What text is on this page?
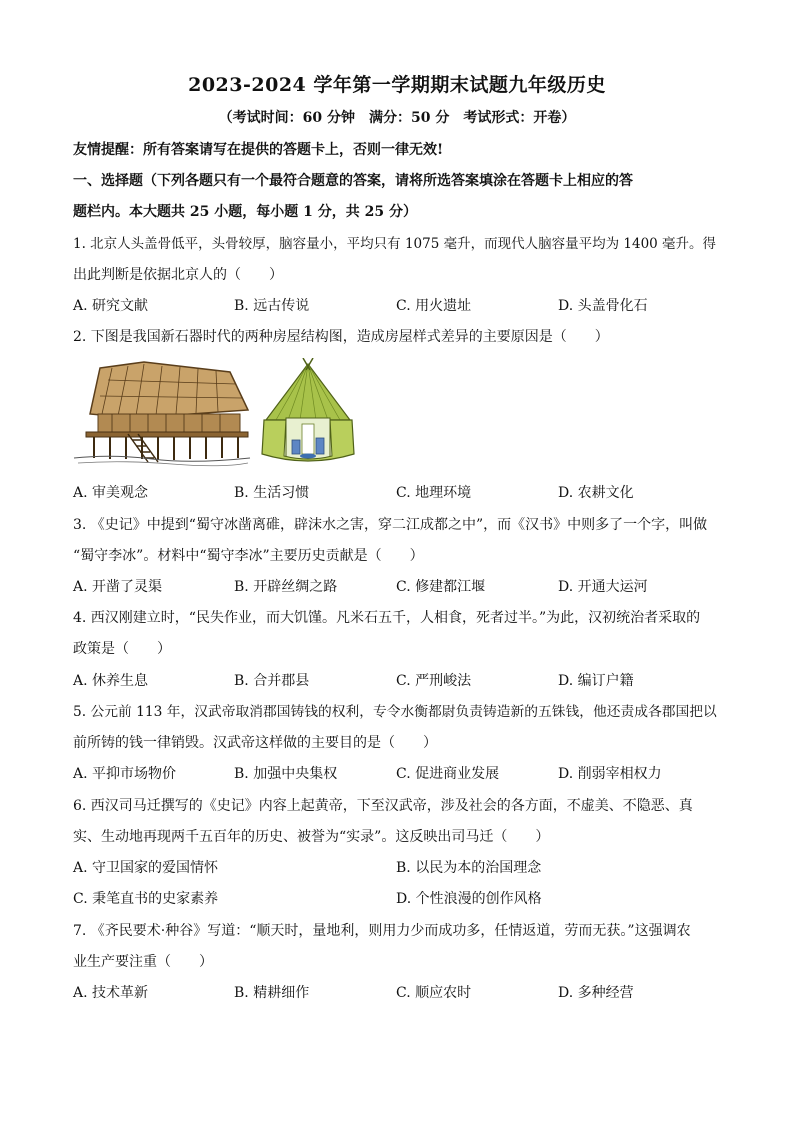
2023-2024 学年第一学期期末试题九年级历史
（考试时间：60 分钟　满分：50 分　考试形式：开卷）
友情提醒：所有答案请写在提供的答题卡上，否则一律无效!
一、选择题（下列各题只有一个最符合题意的答案，请将所选答案填涂在答题卡上相应的答
题栏内。本大题共 25 小题，每小题 1 分，共 25 分）
1. 北京人头盖骨低平，头骨较厚，脑容量小，平均只有 1075 毫升，而现代人脑容量平均为 1400 毫升。得
出此判断是依据北京人的（　　）
A. 研究文献	B. 远古传说	C. 用火遗址	D. 头盖骨化石
2. 下图是我国新石器时代的两种房屋结构图，造成房屋样式差异的主要原因是（　　）
A. 审美观念	B. 生活习惯	C. 地理环境	D. 农耕文化
3. 《史记》中提到“蜀守冰凿离碓，辟沫水之害，穿二江成都之中”，而《汉书》中则多了一个字，叫做
“蜀守李冰”。材料中“蜀守李冰”主要历史贡献是（　　）
A. 开凿了灵渠	B. 开辟丝绸之路	C. 修建都江堰	D. 开通大运河
4. 西汉刚建立时，“民失作业，而大饥馑。凡米石五千，人相食，死者过半。”为此，汉初统治者采取的
政策是（　　）
A. 休养生息	B. 合并郡县	C. 严刑峻法	D. 编订户籍
5. 公元前 113 年，汉武帝取消郡国铸钱的权利，专令水衡都尉负责铸造新的五铢钱，他还责成各郡国把以
前所铸的钱一律销毁。汉武帝这样做的主要目的是（　　）
A. 平抑市场物价	B. 加强中央集权	C. 促进商业发展	D. 削弱宰相权力
6. 西汉司马迁撰写的《史记》内容上起黄帝，下至汉武帝，涉及社会的各方面，不虚美、不隐恶、真
实、生动地再现两千五百年的历史、被誉为“实录”。这反映出司马迁（　　）
A. 守卫国家的爱国情怀	B. 以民为本的治国理念
C. 秉笔直书的史家素养	D. 个性浪漫的创作风格
7. 《齐民要术·种谷》写道：“顺天时，量地利，则用力少而成功多，任情返道，劳而无获。”这强调农
业生产要注重（　　）
A. 技术革新	B. 精耕细作	C. 顺应农时	D. 多种经营
